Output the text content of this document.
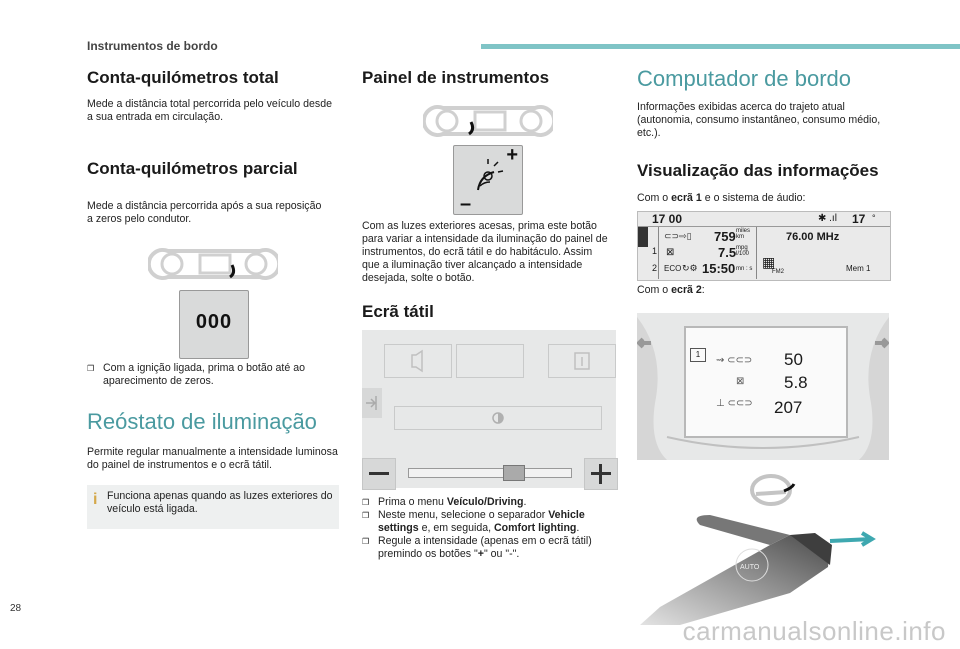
Instrumentos de bordo
Conta-quilómetros total

Mede a distância total percorrida pelo veículo desde a sua entrada em circulação.

Conta-quilómetros parcial

Mede a distância percorrida após a sua reposição a zeros pelo condutor.

000
❒ Com a ignição ligada, prima o botão até ao aparecimento de zeros.
Reóstato de iluminação

Permite regular manualmente a intensidade luminosa do painel de instrumentos e o ecrã tátil.

i Funciona apenas quando as luzes exteriores do veículo está ligada.

Painel de instrumentos
+
–

Com as luzes exteriores acesas, prima este botão para variar a intensidade da iluminação do painel de instrumentos, do ecrã tátil e do habitáculo. Assim que a iluminação tiver alcançado a intensidade desejada, solte o botão.

Ecrã tátil
❒ Prima o menu Veículo/Driving.
❒ Neste menu, selecione o separador Vehicle settings e, em seguida, Comfort lighting.
❒ Regule a intensidade (apenas em o ecrã tátil) premindo os botões "+" ou "-".
Computador de bordo

Informações exibidas acerca do trajeto atual (autonomia, consumo instantâneo, consumo médio, etc.).

Visualização das informações

Com o ecrã 1 e o sistema de áudio:

17 00	✱ .ıl 17 °
1
2
⊂⊃⇨▯ 759 miles
km
⊠	7.5 mpg
l/100
ECO ↻⚙ 15:50 mn : s
76.00 MHz
▦
FM2	Mem 1

Com o ecrã 2:

1
⇝ ⊂⊂⊃ 50
⊠ 5.8
⊥ ⊂⊂⊃ 207
AUTO
28
carmanualsonline.info
